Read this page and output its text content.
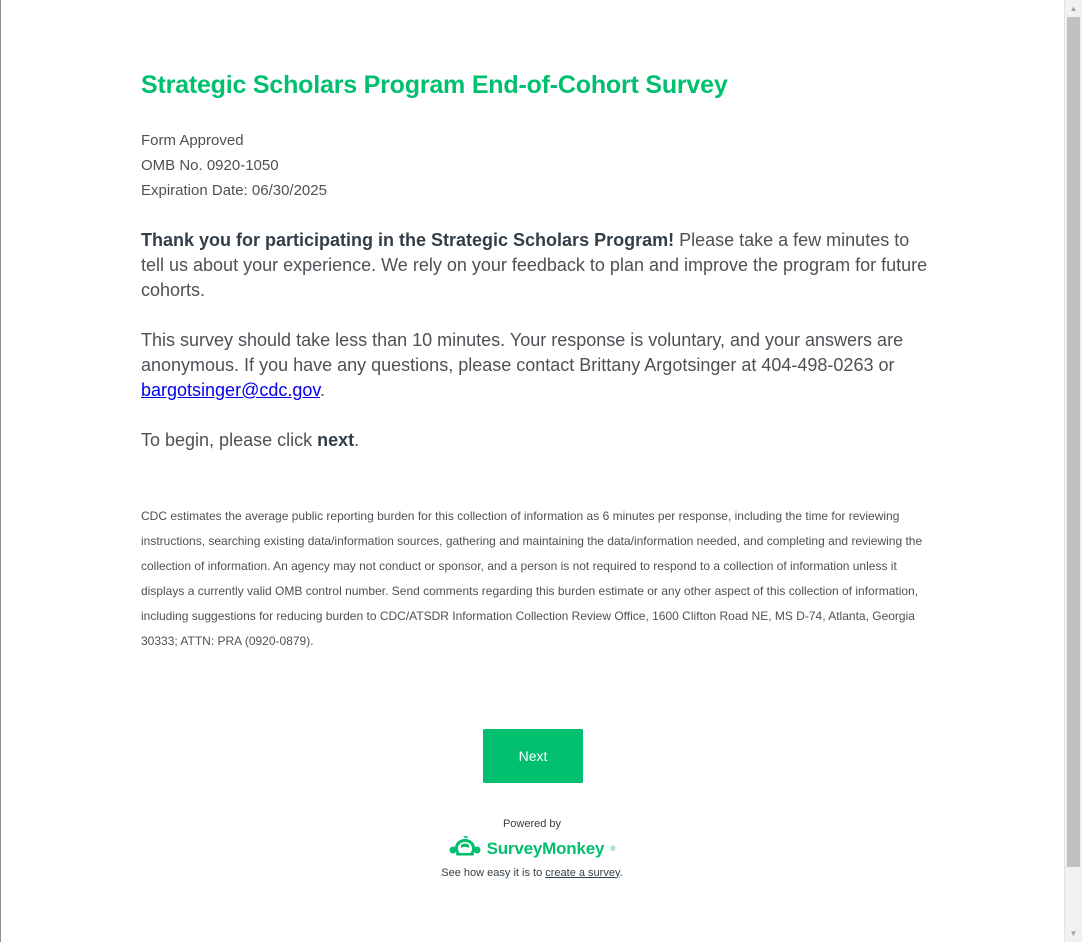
Strategic Scholars Program End-of-Cohort Survey
Form Approved
OMB No. 0920-1050
Expiration Date: 06/30/2025

Thank you for participating in the Strategic Scholars Program! Please take a few minutes to tell us about your experience. We rely on your feedback to plan and improve the program for future cohorts.

This survey should take less than 10 minutes. Your response is voluntary, and your answers are anonymous. If you have any questions, please contact Brittany Argotsinger at 404-498-0263 or bargotsinger@cdc.gov.

To begin, please click next.

CDC estimates the average public reporting burden for this collection of information as 6 minutes per response, including the time for reviewing instructions, searching existing data/information sources, gathering and maintaining the data/information needed, and completing and reviewing the collection of information. An agency may not conduct or sponsor, and a person is not required to respond to a collection of information unless it displays a currently valid OMB control number. Send comments regarding this burden estimate or any other aspect of this collection of information, including suggestions for reducing burden to CDC/ATSDR Information Collection Review Office, 1600 Clifton Road NE, MS D-74, Atlanta, Georgia 30333; ATTN: PRA (0920-0879).

Next
Powered by
SurveyMonkey ®
See how easy it is to create a survey.
▲
▼
